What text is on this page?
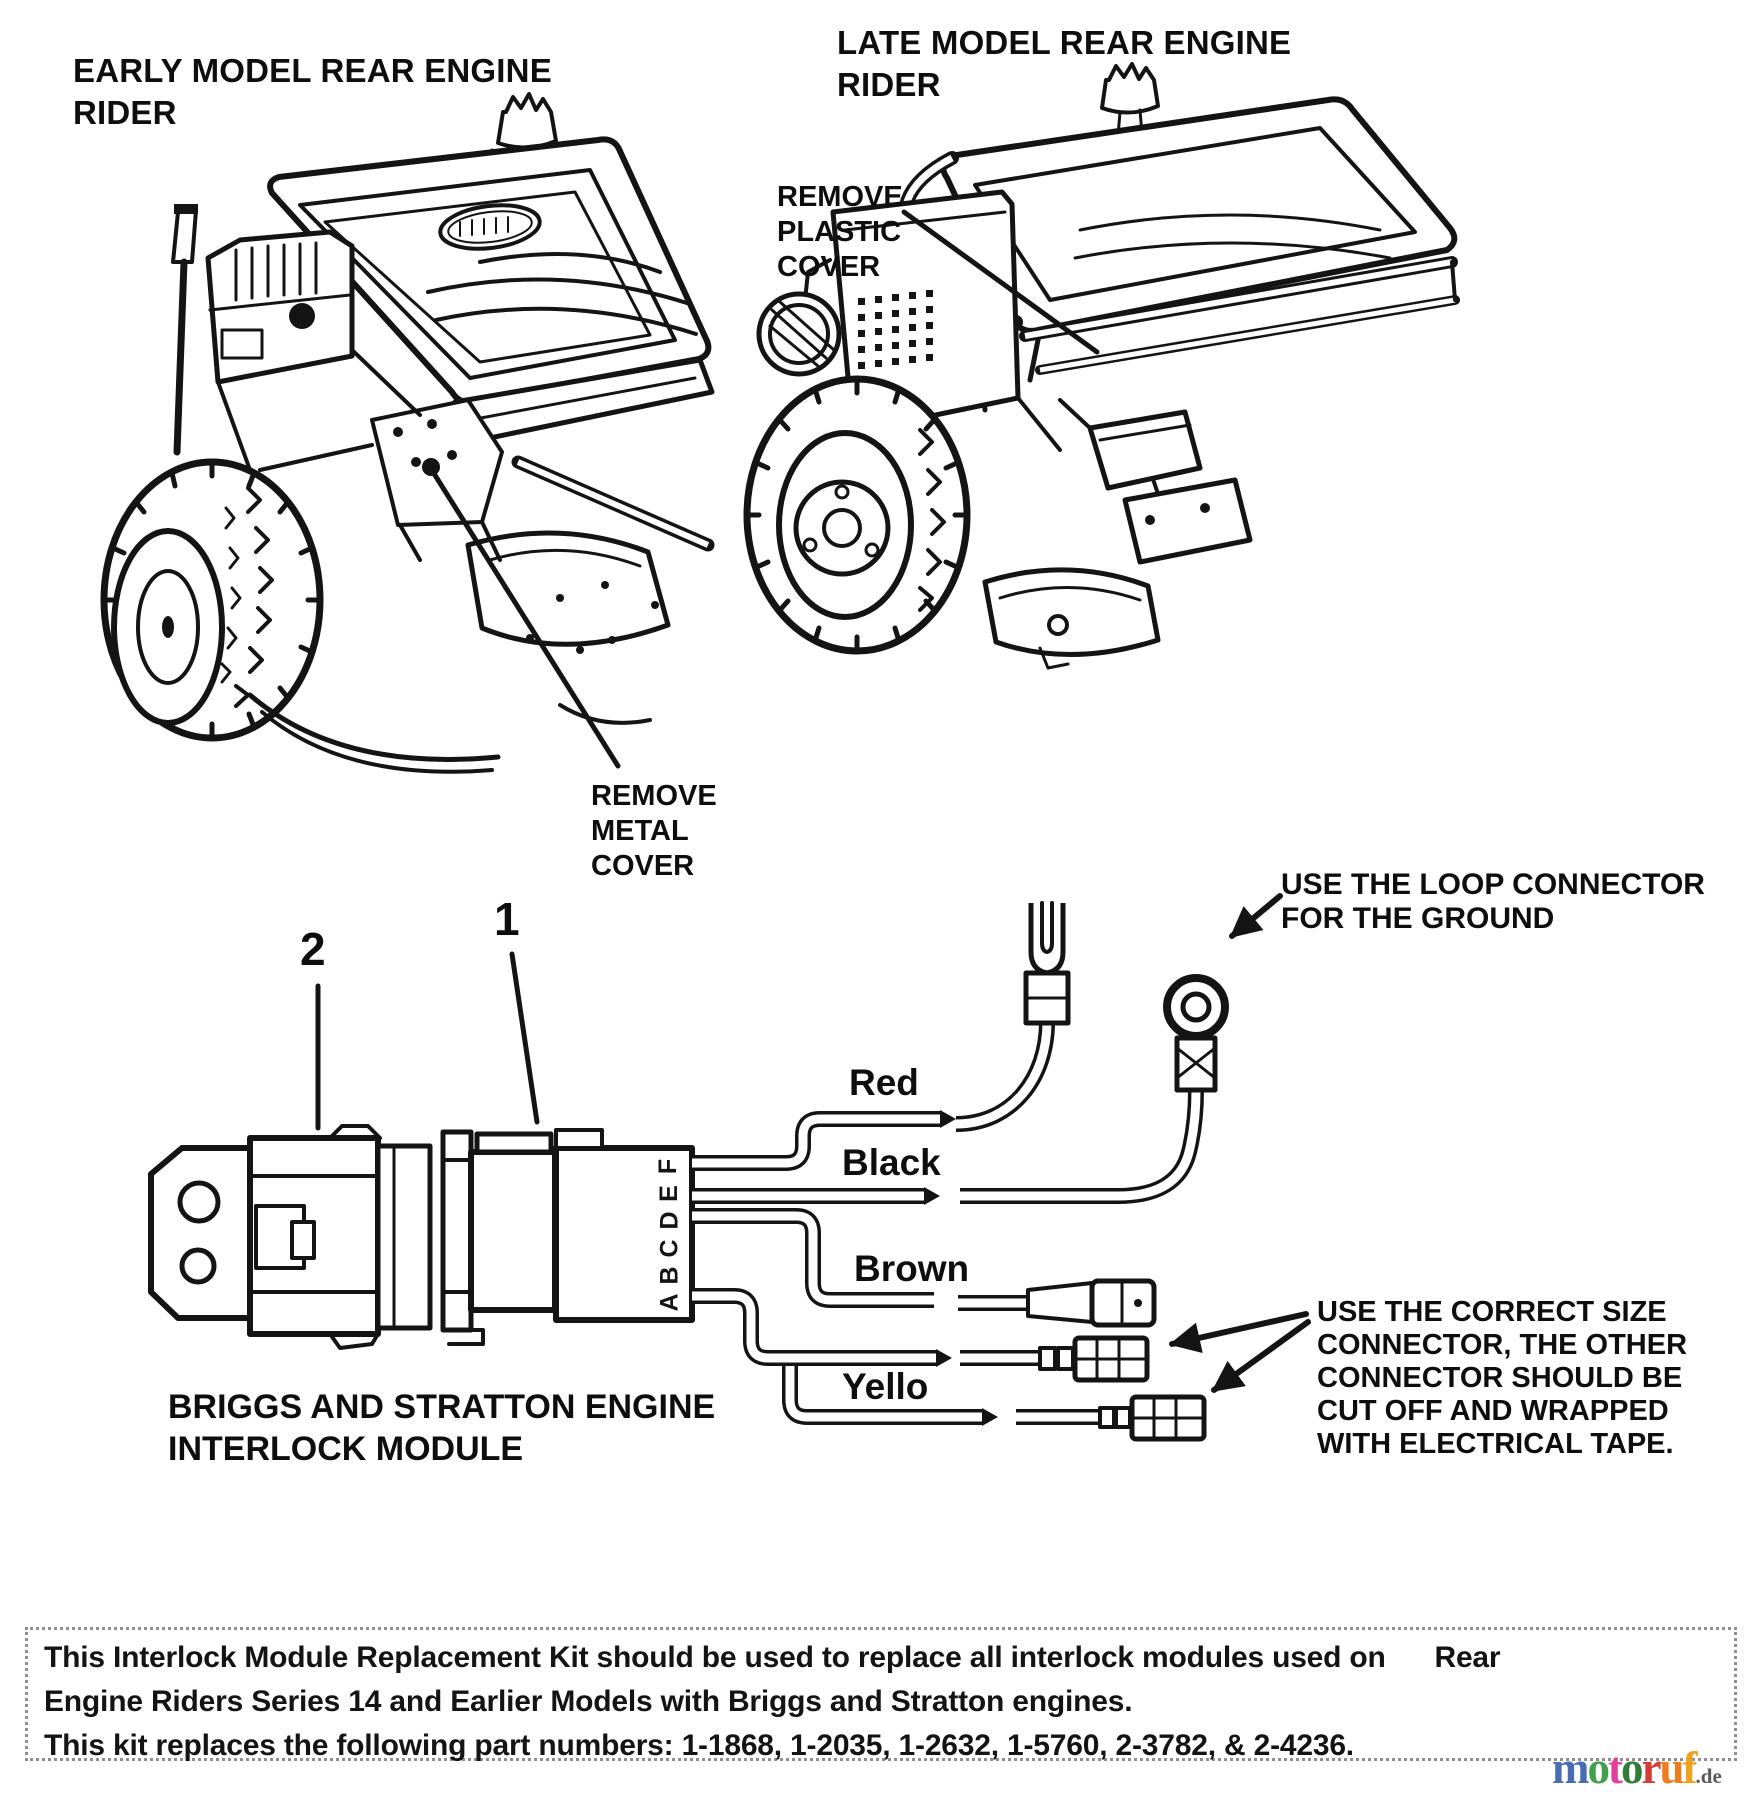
EARLY MODEL REAR ENGINE
RIDER
LATE MODEL REAR ENGINE
RIDER
REMOVE
PLASTIC
COVER
REMOVE
METAL
COVER
2
1
Red
Black
Brown
Yello
A
B
C
D
E
F
USE THE LOOP CONNECTOR
FOR THE GROUND
USE THE CORRECT SIZE
CONNECTOR, THE OTHER
CONNECTOR SHOULD BE
CUT OFF AND WRAPPED
WITH ELECTRICAL TAPE.
BRIGGS AND STRATTON ENGINE
INTERLOCK MODULE
This Interlock Module Replacement Kit should be used to replace all interlock modules used on      Rear
Engine Riders Series 14 and Earlier Models with Briggs and Stratton engines.
This kit replaces the following part numbers: 1-1868, 1-2035, 1-2632, 1-5760, 2-3782, & 2-4236.	motoruf.de
